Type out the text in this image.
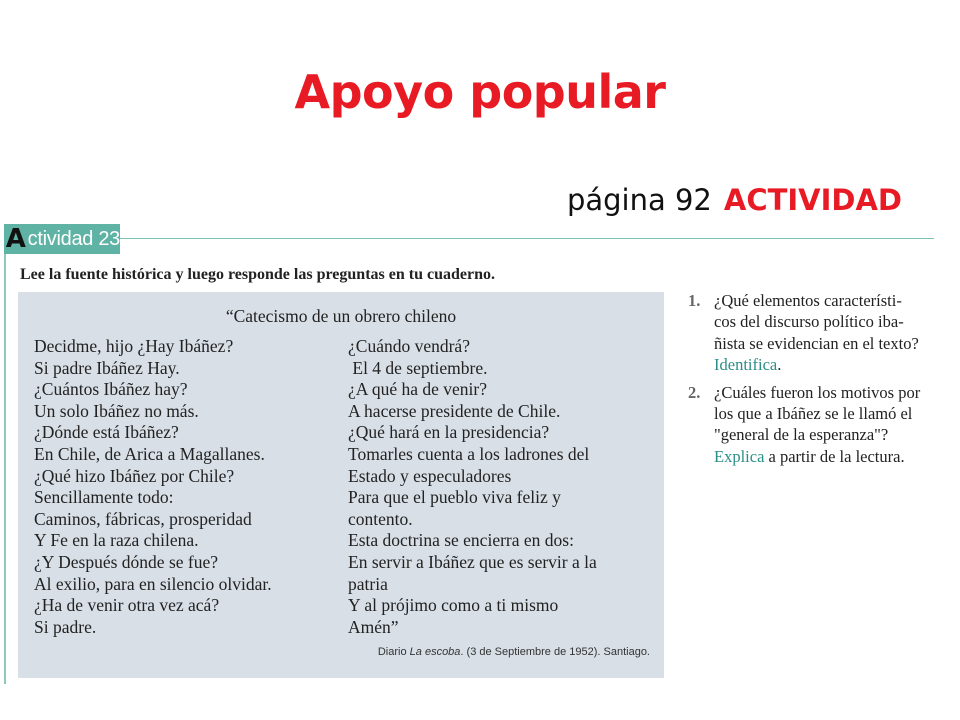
Apoyo popular
página 92 ACTIVIDAD
A ctividad 23
Lee la fuente histórica y luego responde las preguntas en tu cuaderno.
“Catecismo de un obrero chileno
Decidme, hijo ¿Hay Ibáñez?
Si padre Ibáñez Hay.
¿Cuántos Ibáñez hay?
Un solo Ibáñez no más.
¿Dónde está Ibáñez?
En Chile, de Arica a Magallanes.
¿Qué hizo Ibáñez por Chile?
Sencillamente todo:
Caminos, fábricas, prosperidad
Y Fe en la raza chilena.
¿Y Después dónde se fue?
Al exilio, para en silencio olvidar.
¿Ha de venir otra vez acá?
Si padre.
¿Cuándo vendrá?
El 4 de septiembre.
¿A qué ha de venir?
A hacerse presidente de Chile.
¿Qué hará en la presidencia?
Tomarles cuenta a los ladrones del
Estado y especuladores
Para que el pueblo viva feliz y
contento.
Esta doctrina se encierra en dos:
En servir a Ibáñez que es servir a la
patria
Y al prójimo como a ti mismo
Amén”
Diario La escoba. (3 de Septiembre de 1952). Santiago.
1. ¿Qué elementos característi-
cos del discurso político iba-
ñista se evidencian en el texto?
Identifica.
2. ¿Cuáles fueron los motivos por
los que a Ibáñez se le llamó el
"general de la esperanza"?
Explica a partir de la lectura.
